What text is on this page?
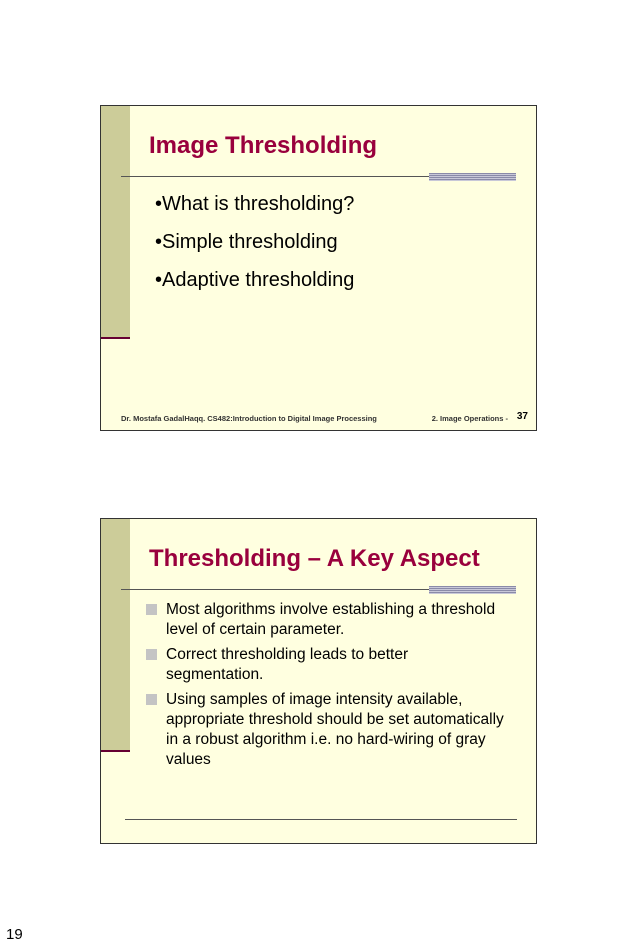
Image Thresholding
•What is thresholding?
•Simple thresholding
•Adaptive thresholding
Dr. Mostafa GadalHaqq. CS482:Introduction to Digital Image Processing	2. Image Operations - 37
Thresholding – A Key Aspect
Most algorithms involve establishing a threshold level of certain parameter.
Correct thresholding leads to better segmentation.
Using samples of image intensity available, appropriate threshold should be set automatically in a robust algorithm i.e. no hard-wiring of gray values
19
